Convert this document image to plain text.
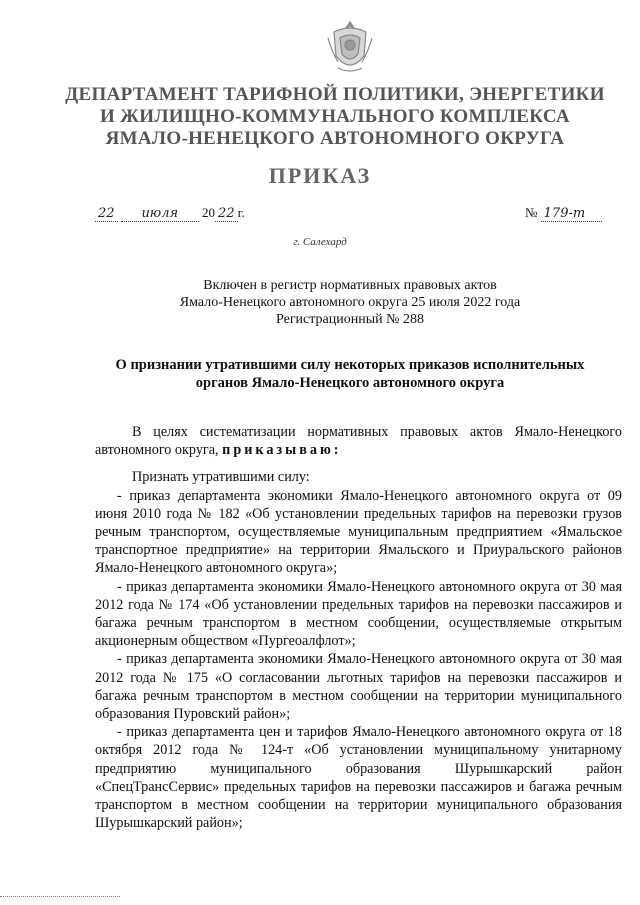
ДЕПАРТАМЕНТ ТАРИФНОЙ ПОЛИТИКИ, ЭНЕРГЕТИКИ
И ЖИЛИЩНО-КОММУНАЛЬНОГО КОМПЛЕКСА
ЯМАЛО-НЕНЕЦКОГО АВТОНОМНОГО ОКРУГА
ПРИКАЗ
22 июля 20 22 г.	№ 179-т
г. Салехард
Включен в регистр нормативных правовых актов
Ямало-Ненецкого автономного округа 25 июля 2022 года
Регистрационный № 288
О признании утратившими силу некоторых приказов исполнительных
органов Ямало-Ненецкого автономного округа

В целях систематизации нормативных правовых актов Ямало-Ненецкого автономного округа, приказываю:

Признать утратившими силу:

- приказ департамента экономики Ямало-Ненецкого автономного округа от 09 июня 2010 года № 182 «Об установлении предельных тарифов на перевозки грузов речным транспортом, осуществляемые муниципальным предприятием «Ямальское транспортное предприятие» на территории Ямальского и Приуральского районов Ямало-Ненецкого автономного округа»;

- приказ департамента экономики Ямало-Ненецкого автономного округа от 30 мая 2012 года № 174 «Об установлении предельных тарифов на перевозки пассажиров и багажа речным транспортом в местном сообщении, осуществляемые открытым акционерным обществом «Пургеоалфлот»;

- приказ департамента экономики Ямало-Ненецкого автономного округа от 30 мая 2012 года № 175 «О согласовании льготных тарифов на перевозки пассажиров и багажа речным транспортом в местном сообщении на территории муниципального образования Пуровский район»;

- приказ департамента цен и тарифов Ямало-Ненецкого автономного округа от 18 октября 2012 года № 124-т «Об установлении муниципальному унитарному предприятию муниципального образования Шурышкарский район «СпецТрансСервис» предельных тарифов на перевозки пассажиров и багажа речным транспортом в местном сообщении на территории муниципального образования Шурышкарский район»;
